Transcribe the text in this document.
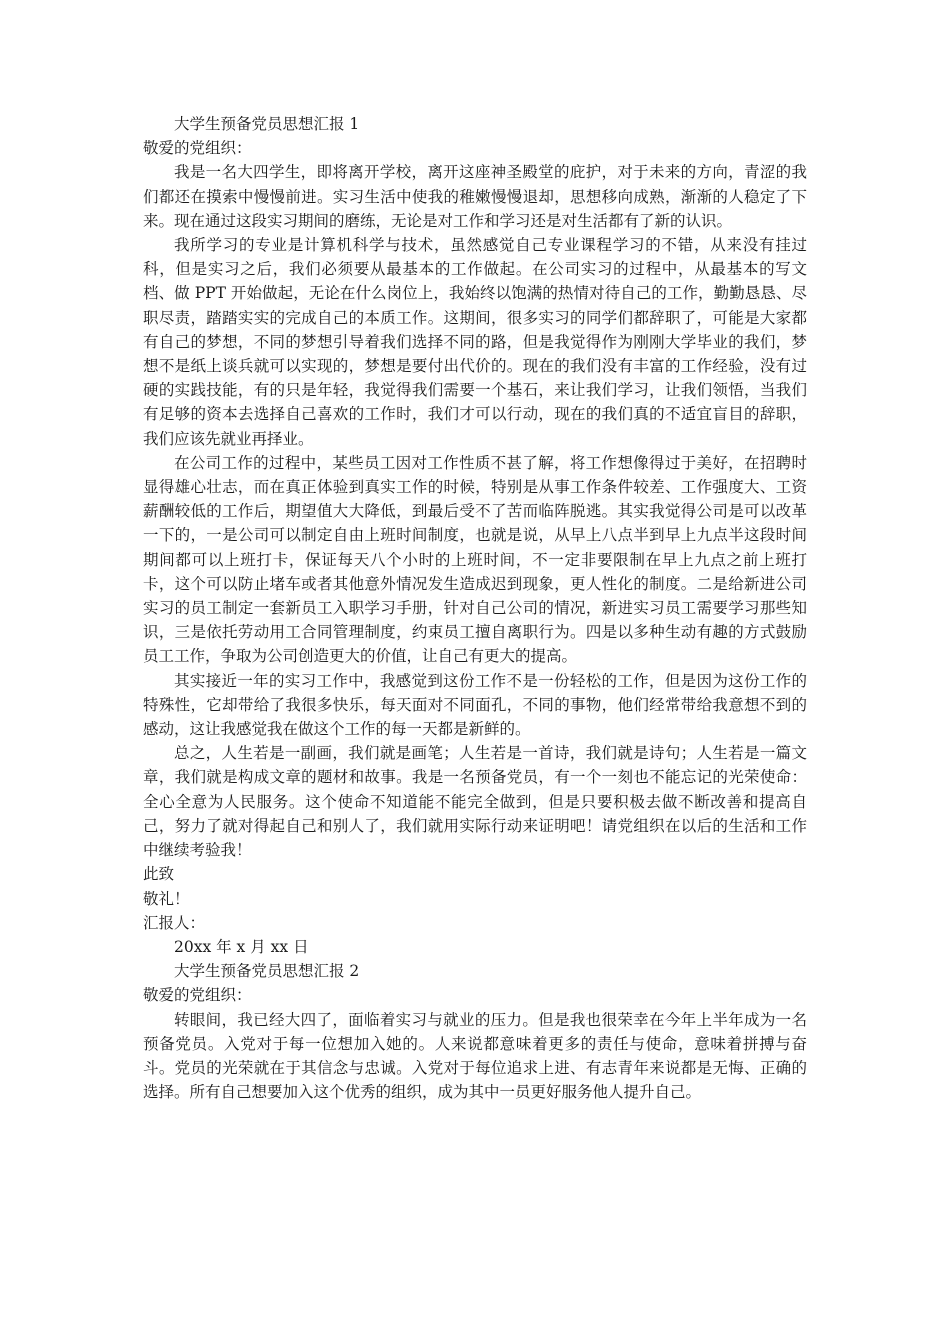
大学生预备党员思想汇报 1

敬爱的党组织：

我是一名大四学生，即将离开学校，离开这座神圣殿堂的庇护，对于未来的方向，青涩的我们都还在摸索中慢慢前进。实习生活中使我的稚嫩慢慢退却，思想移向成熟，渐渐的人稳定了下来。现在通过这段实习期间的磨练，无论是对工作和学习还是对生活都有了新的认识。

我所学习的专业是计算机科学与技术，虽然感觉自己专业课程学习的不错，从来没有挂过科，但是实习之后，我们必须要从最基本的工作做起。在公司实习的过程中，从最基本的写文档、做 PPT 开始做起，无论在什么岗位上，我始终以饱满的热情对待自己的工作，勤勤恳恳、尽职尽责，踏踏实实的完成自己的本质工作。这期间，很多实习的同学们都辞职了，可能是大家都有自己的梦想，不同的梦想引导着我们选择不同的路，但是我觉得作为刚刚大学毕业的我们，梦想不是纸上谈兵就可以实现的，梦想是要付出代价的。现在的我们没有丰富的工作经验，没有过硬的实践技能，有的只是年轻，我觉得我们需要一个基石，来让我们学习，让我们领悟，当我们有足够的资本去选择自己喜欢的工作时，我们才可以行动，现在的我们真的不适宜盲目的辞职，我们应该先就业再择业。

在公司工作的过程中，某些员工因对工作性质不甚了解，将工作想像得过于美好，在招聘时显得雄心壮志，而在真正体验到真实工作的时候，特别是从事工作条件较差、工作强度大、工资薪酬较低的工作后，期望值大大降低，到最后受不了苦而临阵脱逃。其实我觉得公司是可以改革一下的，一是公司可以制定自由上班时间制度，也就是说，从早上八点半到早上九点半这段时间期间都可以上班打卡，保证每天八个小时的上班时间，不一定非要限制在早上九点之前上班打卡，这个可以防止堵车或者其他意外情况发生造成迟到现象，更人性化的制度。二是给新进公司实习的员工制定一套新员工入职学习手册，针对自己公司的情况，新进实习员工需要学习那些知识，三是依托劳动用工合同管理制度，约束员工擅自离职行为。四是以多种生动有趣的方式鼓励员工工作，争取为公司创造更大的价值，让自己有更大的提高。

其实接近一年的实习工作中，我感觉到这份工作不是一份轻松的工作，但是因为这份工作的特殊性，它却带给了我很多快乐，每天面对不同面孔，不同的事物，他们经常带给我意想不到的感动，这让我感觉我在做这个工作的每一天都是新鲜的。

总之，人生若是一副画，我们就是画笔；人生若是一首诗，我们就是诗句；人生若是一篇文章，我们就是构成文章的题材和故事。我是一名预备党员，有一个一刻也不能忘记的光荣使命：全心全意为人民服务。这个使命不知道能不能完全做到，但是只要积极去做不断改善和提高自己，努力了就对得起自己和别人了，我们就用实际行动来证明吧！请党组织在以后的生活和工作中继续考验我！

此致

敬礼！

汇报人：

20xx 年 x 月 xx 日

大学生预备党员思想汇报 2

敬爱的党组织：

转眼间，我已经大四了，面临着实习与就业的压力。但是我也很荣幸在今年上半年成为一名预备党员。入党对于每一位想加入她的。人来说都意味着更多的责任与使命，意味着拼搏与奋斗。党员的光荣就在于其信念与忠诚。入党对于每位追求上进、有志青年来说都是无悔、正确的选择。所有自己想要加入这个优秀的组织，成为其中一员更好服务他人提升自己。
